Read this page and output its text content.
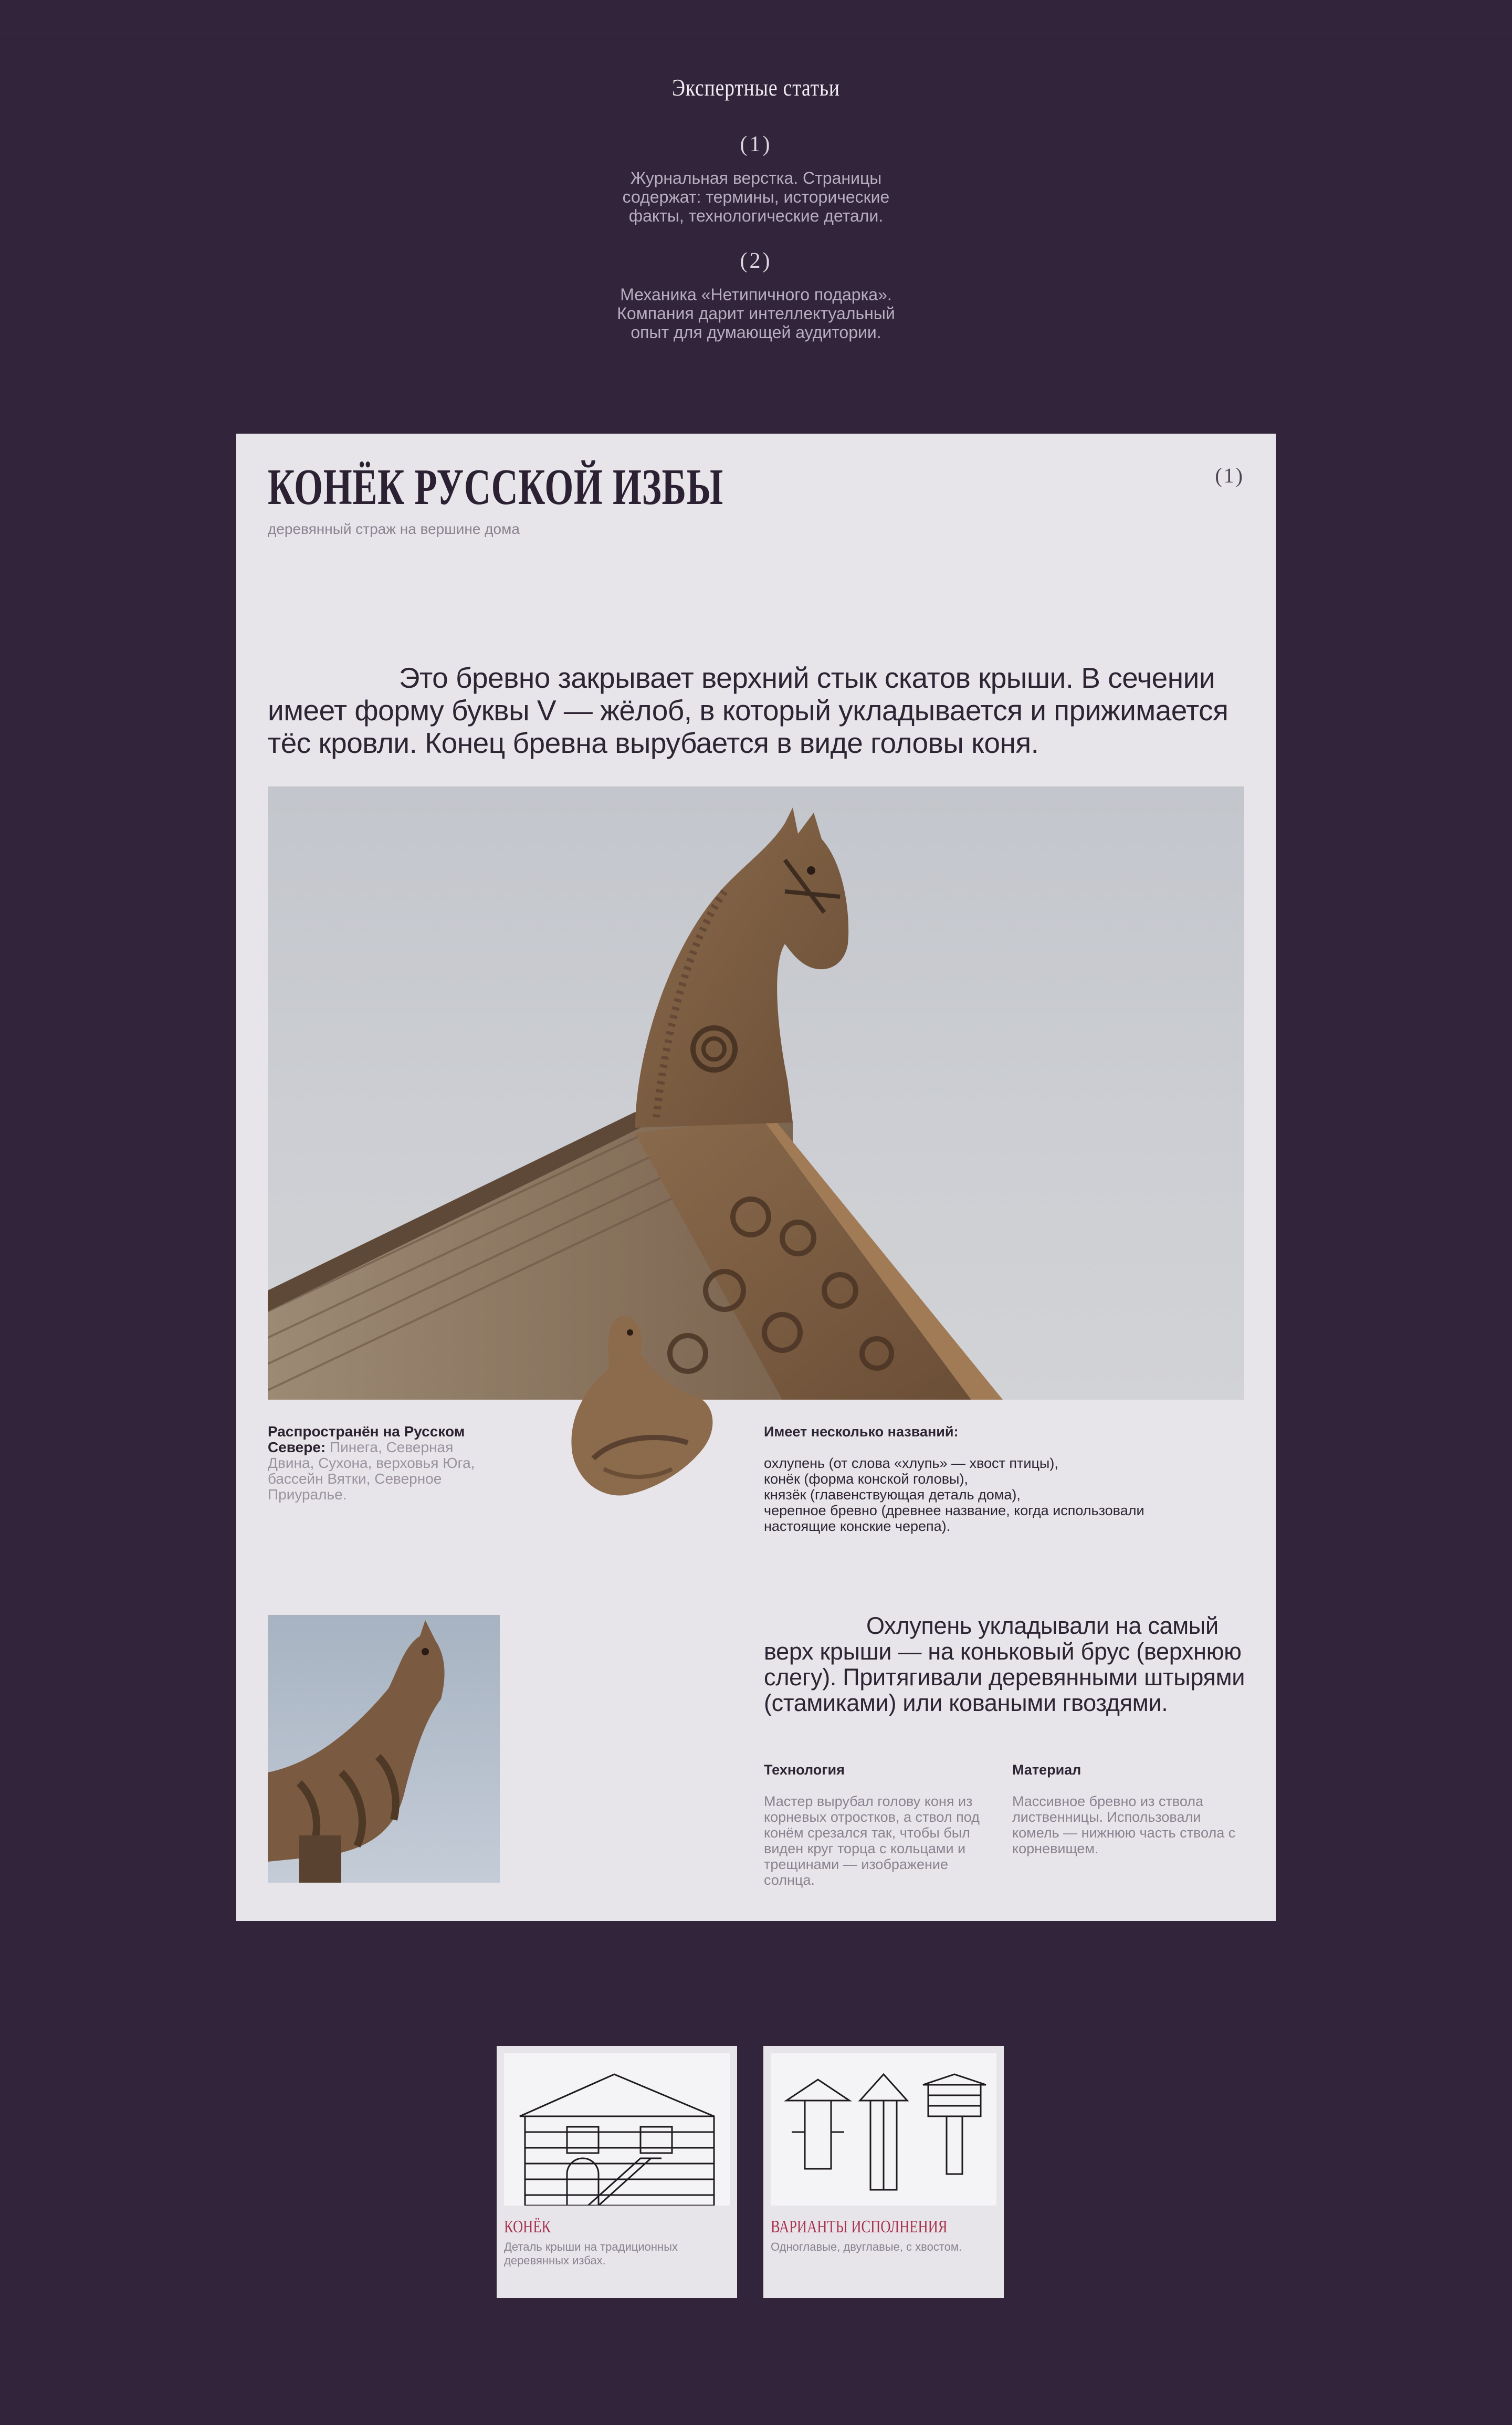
Экспертные статьи
(1)
Журнальная верстка. Страницы содержат: термины, исторические факты, технологические детали.
(2)
Механика «Нетипичного подарка». Компания дарит интеллектуальный опыт для думающей аудитории.
КОНЁК РУССКОЙ ИЗБЫ
деревянный страж на вершине дома
(1)

Это бревно закрывает верхний стык скатов крыши. В сечении имеет форму буквы V — жёлоб, в который укладывается и прижимается тёс кровли. Конец бревна вырубается в виде головы коня.

Распространён на Русском Севере: Пинега, Северная Двина, Сухона, верховья Юга, бассейн Вятки, Северное Приуралье.
Имеет несколько названий:
охлупень (от слова «хлупь» — хвост птицы),
конёк (форма конской головы),
князёк (главенствующая деталь дома),
черепное бревно (древнее название, когда использовали настоящие конские черепа).

Охлупень укладывали на самый верх крыши — на коньковый брус (верхнюю слегу). Притягивали деревянными штырями (стамиками) или коваными гвоздями.

Технология
Мастер вырубал голову коня из корневых отростков, а ствол под конём срезался так, чтобы был виден круг торца с кольцами и трещинами — изображение солнца.
Материал
Массивное бревно из ствола лиственницы. Использовали комель — нижнюю часть ствола с корневищем.
КОНЁК
Деталь крыши на традиционных деревянных избах.
ВАРИАНТЫ ИСПОЛНЕНИЯ
Одноглавые, двуглавые, с хвостом.
